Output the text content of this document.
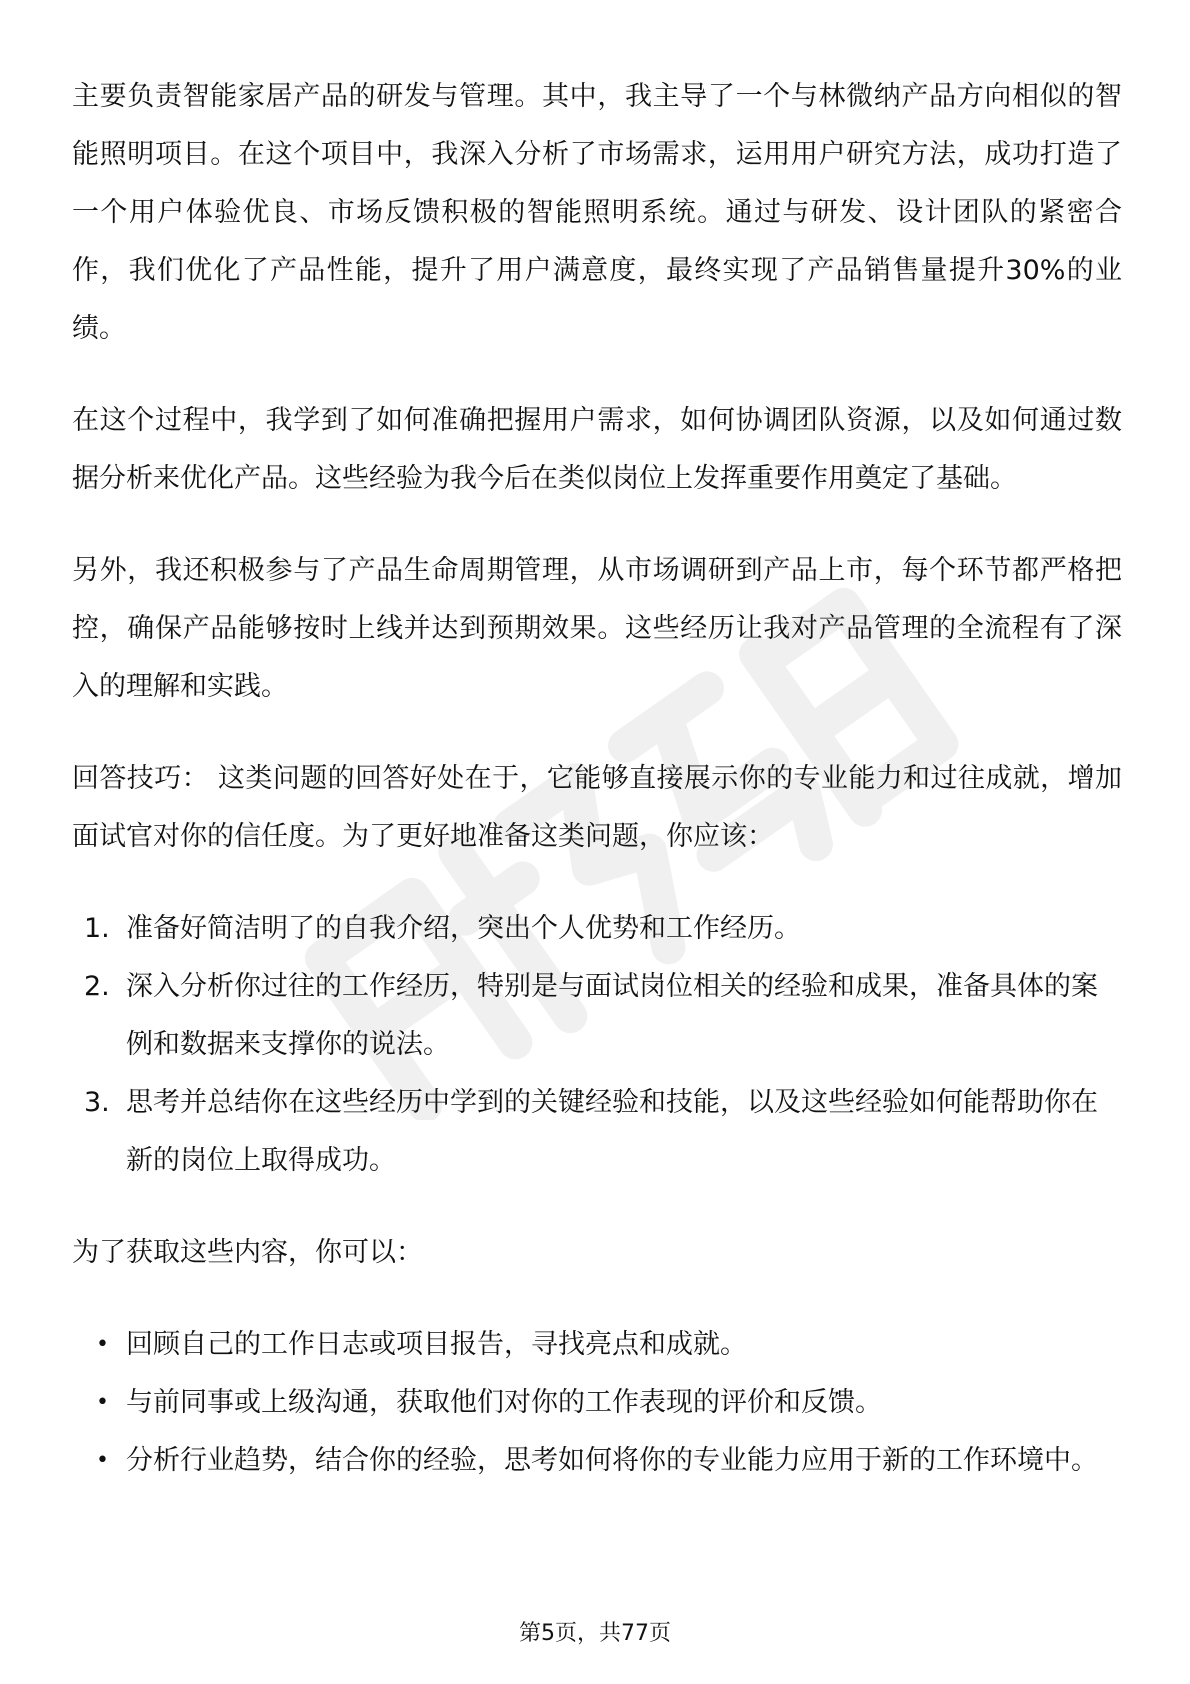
主要负责智能家居产品的研发与管理。其中，我主导了一个与林微纳产品方向相似的智能照明项目。在这个项目中，我深入分析了市场需求，运用用户研究方法，成功打造了一个用户体验优良、市场反馈积极的智能照明系统。通过与研发、设计团队的紧密合作，我们优化了产品性能，提升了用户满意度，最终实现了产品销售量提升30%的业绩。

在这个过程中，我学到了如何准确把握用户需求，如何协调团队资源，以及如何通过数据分析来优化产品。这些经验为我今后在类似岗位上发挥重要作用奠定了基础。

另外，我还积极参与了产品生命周期管理，从市场调研到产品上市，每个环节都严格把控，确保产品能够按时上线并达到预期效果。这些经历让我对产品管理的全流程有了深入的理解和实践。

回答技巧： 这类问题的回答好处在于，它能够直接展示你的专业能力和过往成就，增加面试官对你的信任度。为了更好地准备这类问题，你应该：

1. 准备好简洁明了的自我介绍，突出个人优势和工作经历。
2. 深入分析你过往的工作经历，特别是与面试岗位相关的经验和成果，准备具体的案例和数据来支撑你的说法。
3. 思考并总结你在这些经历中学到的关键经验和技能，以及这些经验如何能帮助你在新的岗位上取得成功。

为了获取这些内容，你可以：

• 回顾自己的工作日志或项目报告，寻找亮点和成就。
• 与前同事或上级沟通，获取他们对你的工作表现的评价和反馈。
• 分析行业趋势，结合你的经验，思考如何将你的专业能力应用于新的工作环境中。
第5页，共77页
